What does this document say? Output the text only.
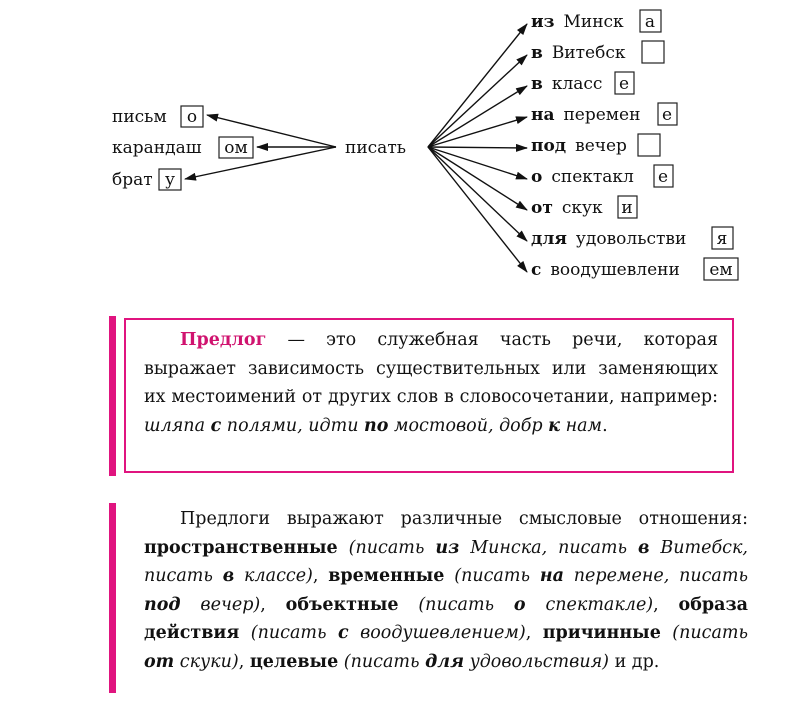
писать
письм о
карандаш ом
брат у
из Минск а
в Витебск
в класс е
на перемен е
под вечер
о спектакл е
от скук и
для удовольстви я
с воодушевлени ем

Предлог — это служебная часть речи, которая выражает зависимость существительных или заменяющих их местоимений от других слов в словосочетании, например: шляпа с полями, идти по мостовой, добр к нам.

Предлоги выражают различные смысловые отношения: пространственные (писать из Минска, писать в Витебск, писать в классе), временные (писать на перемене, писать под вечер), объектные (писать о спектакле), образа действия (писать с воодушевлением), причинные (писать от скуки), целевые (писать для удовольствия) и др.
